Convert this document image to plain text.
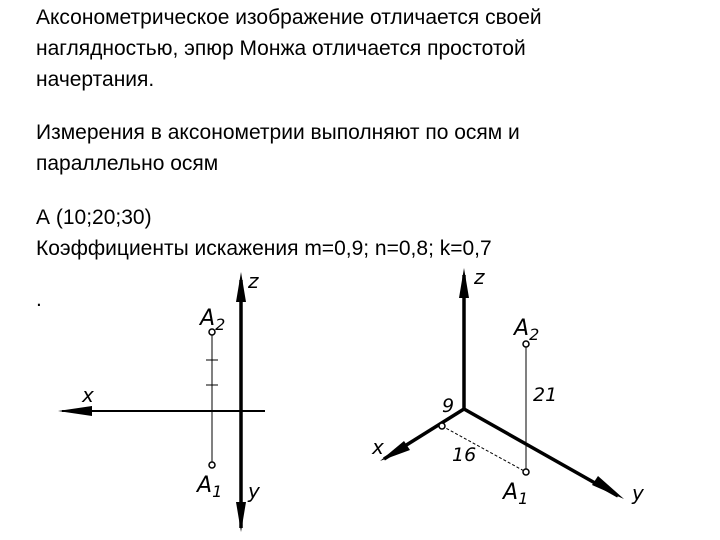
Аксонометрическое изображение отличается своей
наглядностью, эпюр Монжа отличается простотой
начертания.
Измерения в аксонометрии выполняют по осям и
параллельно осям
А (10;20;30)
Коэффициенты искажения m=0,9; n=0,8; k=0,7
.
z
x
y
$A_2$
$A_1$
z
x
y
$A_2$
$A_1$
9
16
21
